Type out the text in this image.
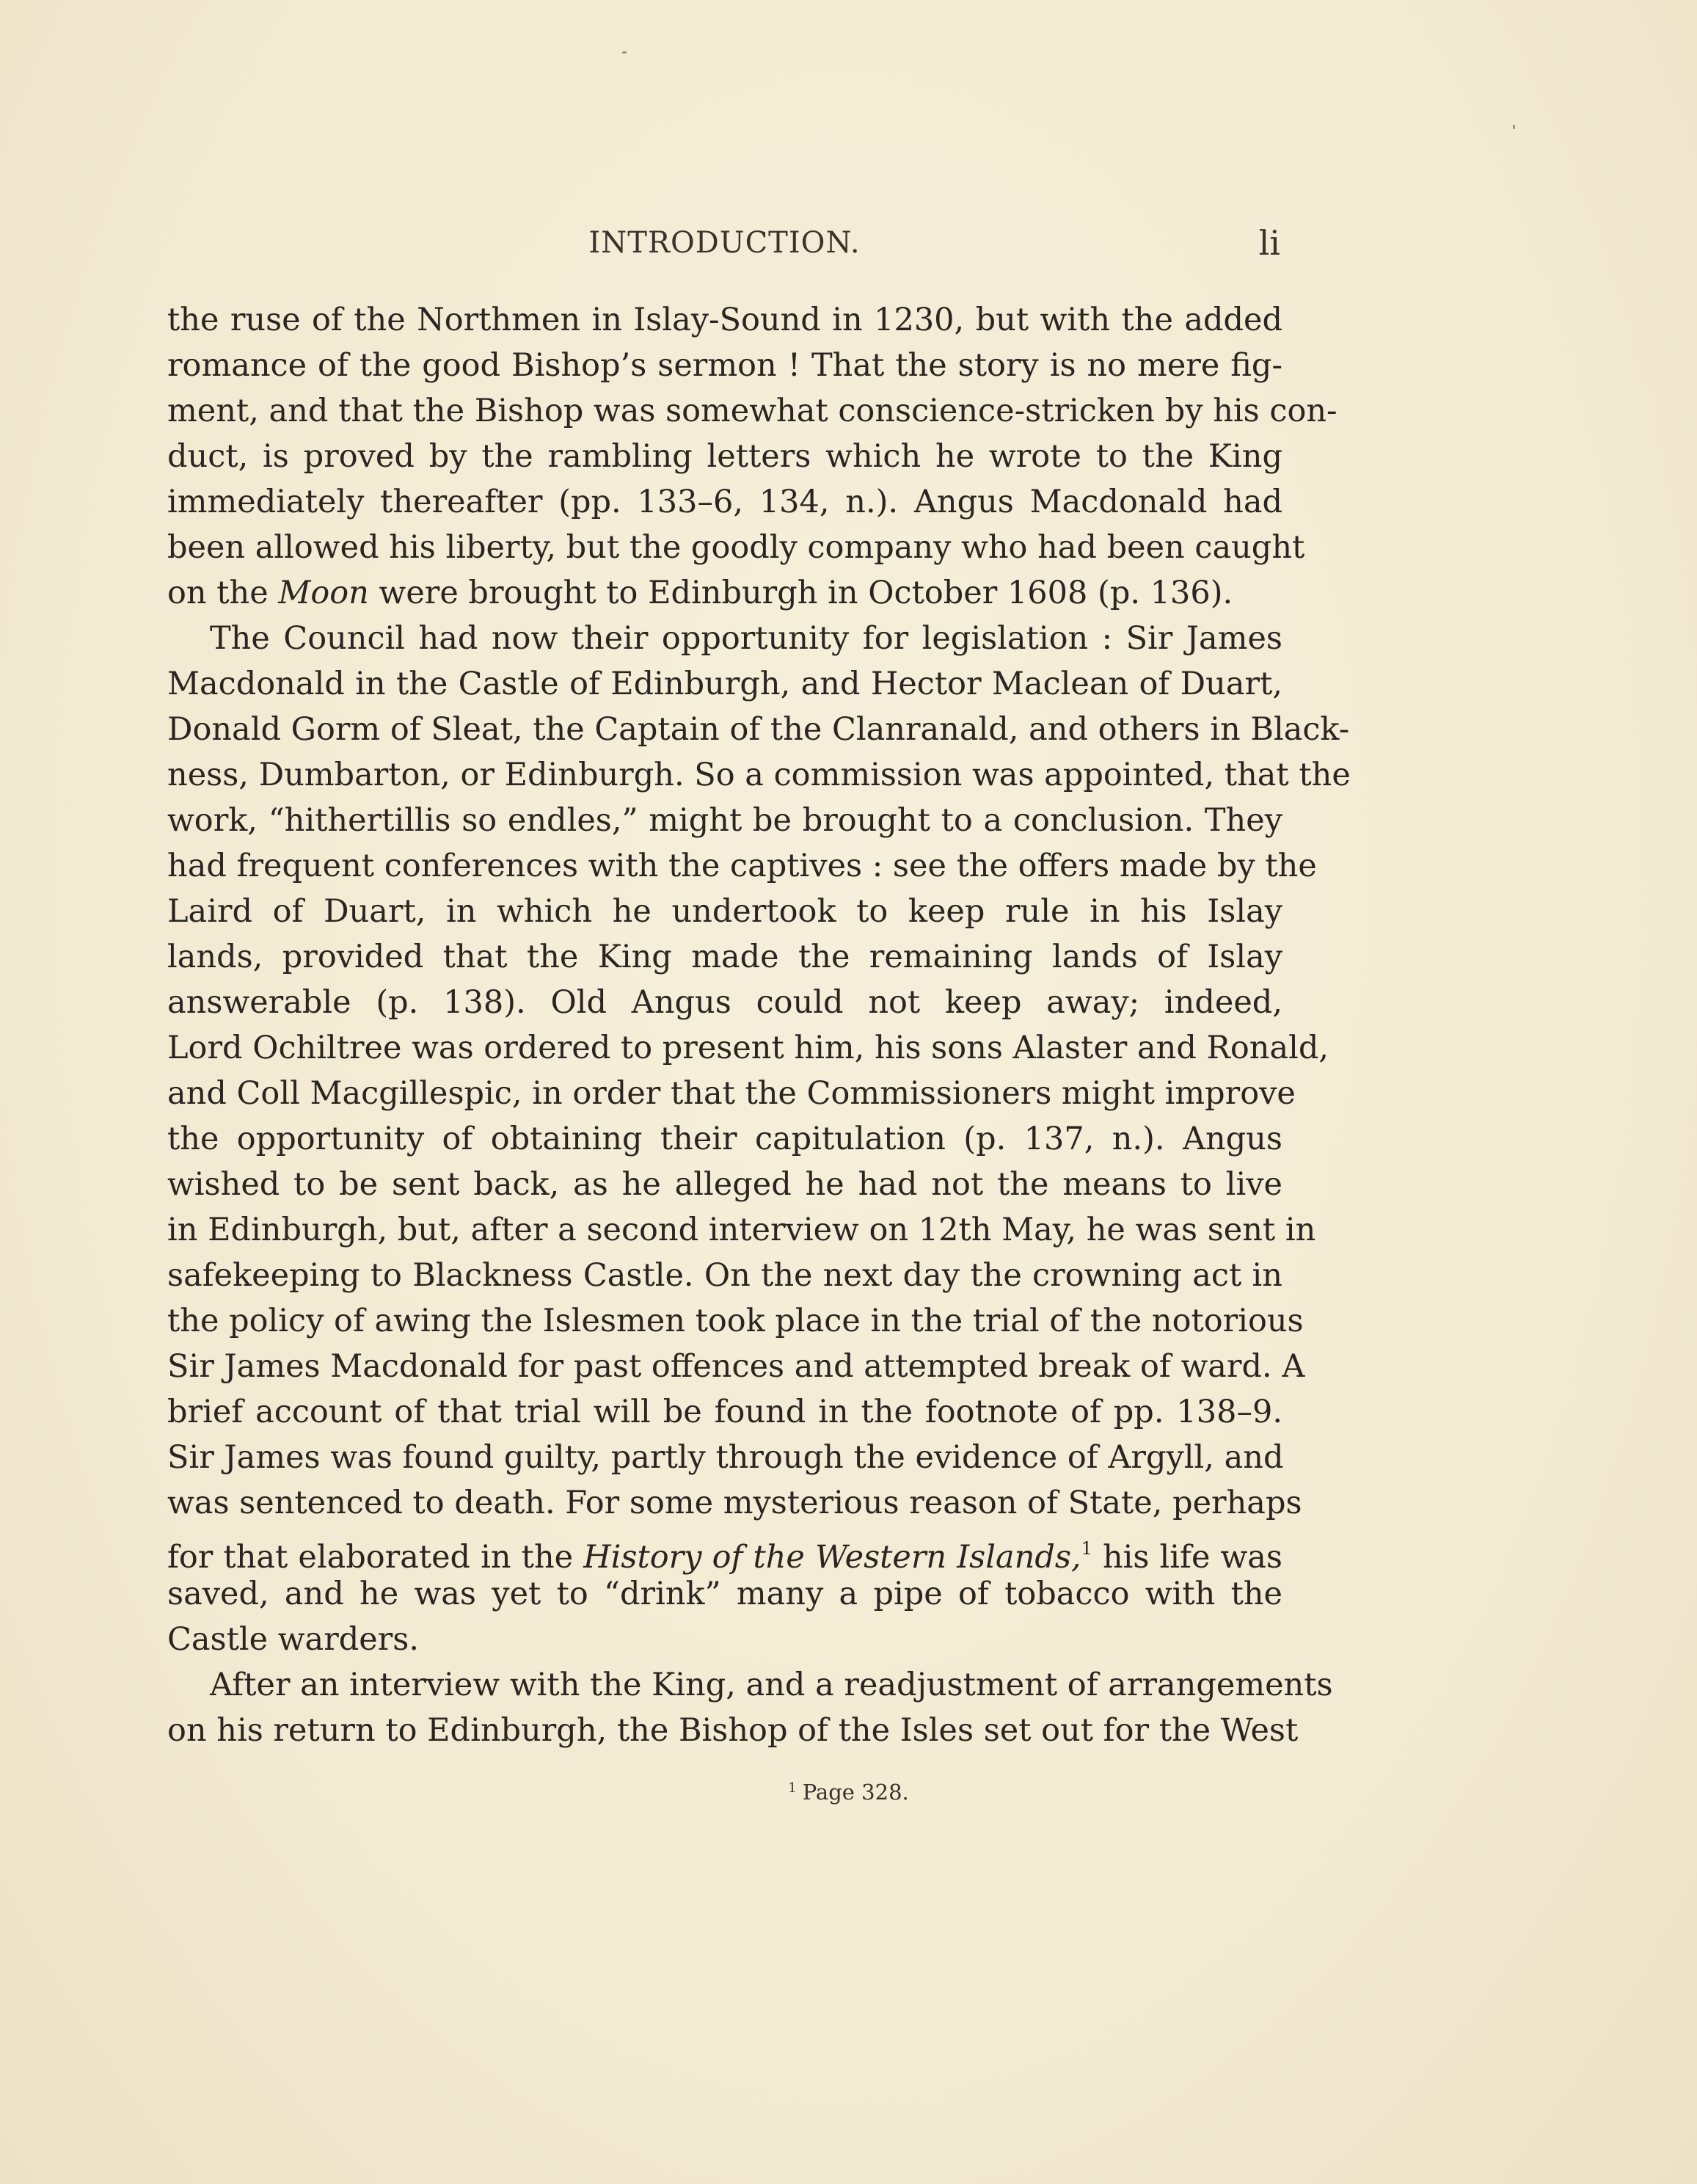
INTRODUCTION.	li
the ruse of the Northmen in Islay-Sound in 1230, but with the added
romance of the good Bishop’s sermon ! That the story is no mere fig-
ment, and that the Bishop was somewhat conscience-stricken by his con-
duct, is proved by the rambling letters which he wrote to the King
immediately thereafter (pp. 133–6, 134, n.). Angus Macdonald had
been allowed his liberty, but the goodly company who had been caught
on the Moon were brought to Edinburgh in October 1608 (p. 136).
The Council had now their opportunity for legislation : Sir James
Macdonald in the Castle of Edinburgh, and Hector Maclean of Duart,
Donald Gorm of Sleat, the Captain of the Clanranald, and others in Black-
ness, Dumbarton, or Edinburgh. So a commission was appointed, that the
work, “hithertillis so endles,” might be brought to a conclusion. They
had frequent conferences with the captives : see the offers made by the
Laird of Duart, in which he undertook to keep rule in his Islay
lands, provided that the King made the remaining lands of Islay
answerable (p. 138). Old Angus could not keep away; indeed,
Lord Ochiltree was ordered to present him, his sons Alaster and Ronald,
and Coll Macgillespic, in order that the Commissioners might improve
the opportunity of obtaining their capitulation (p. 137, n.). Angus
wished to be sent back, as he alleged he had not the means to live
in Edinburgh, but, after a second interview on 12th May, he was sent in
safekeeping to Blackness Castle. On the next day the crowning act in
the policy of awing the Islesmen took place in the trial of the notorious
Sir James Macdonald for past offences and attempted break of ward. A
brief account of that trial will be found in the footnote of pp. 138–9.
Sir James was found guilty, partly through the evidence of Argyll, and
was sentenced to death. For some mysterious reason of State, perhaps
for that elaborated in the History of the Western Islands,$^1$ his life was
saved, and he was yet to “drink” many a pipe of tobacco with the
Castle warders.
After an interview with the King, and a readjustment of arrangements
on his return to Edinburgh, the Bishop of the Isles set out for the West
$^1$ Page 328.
